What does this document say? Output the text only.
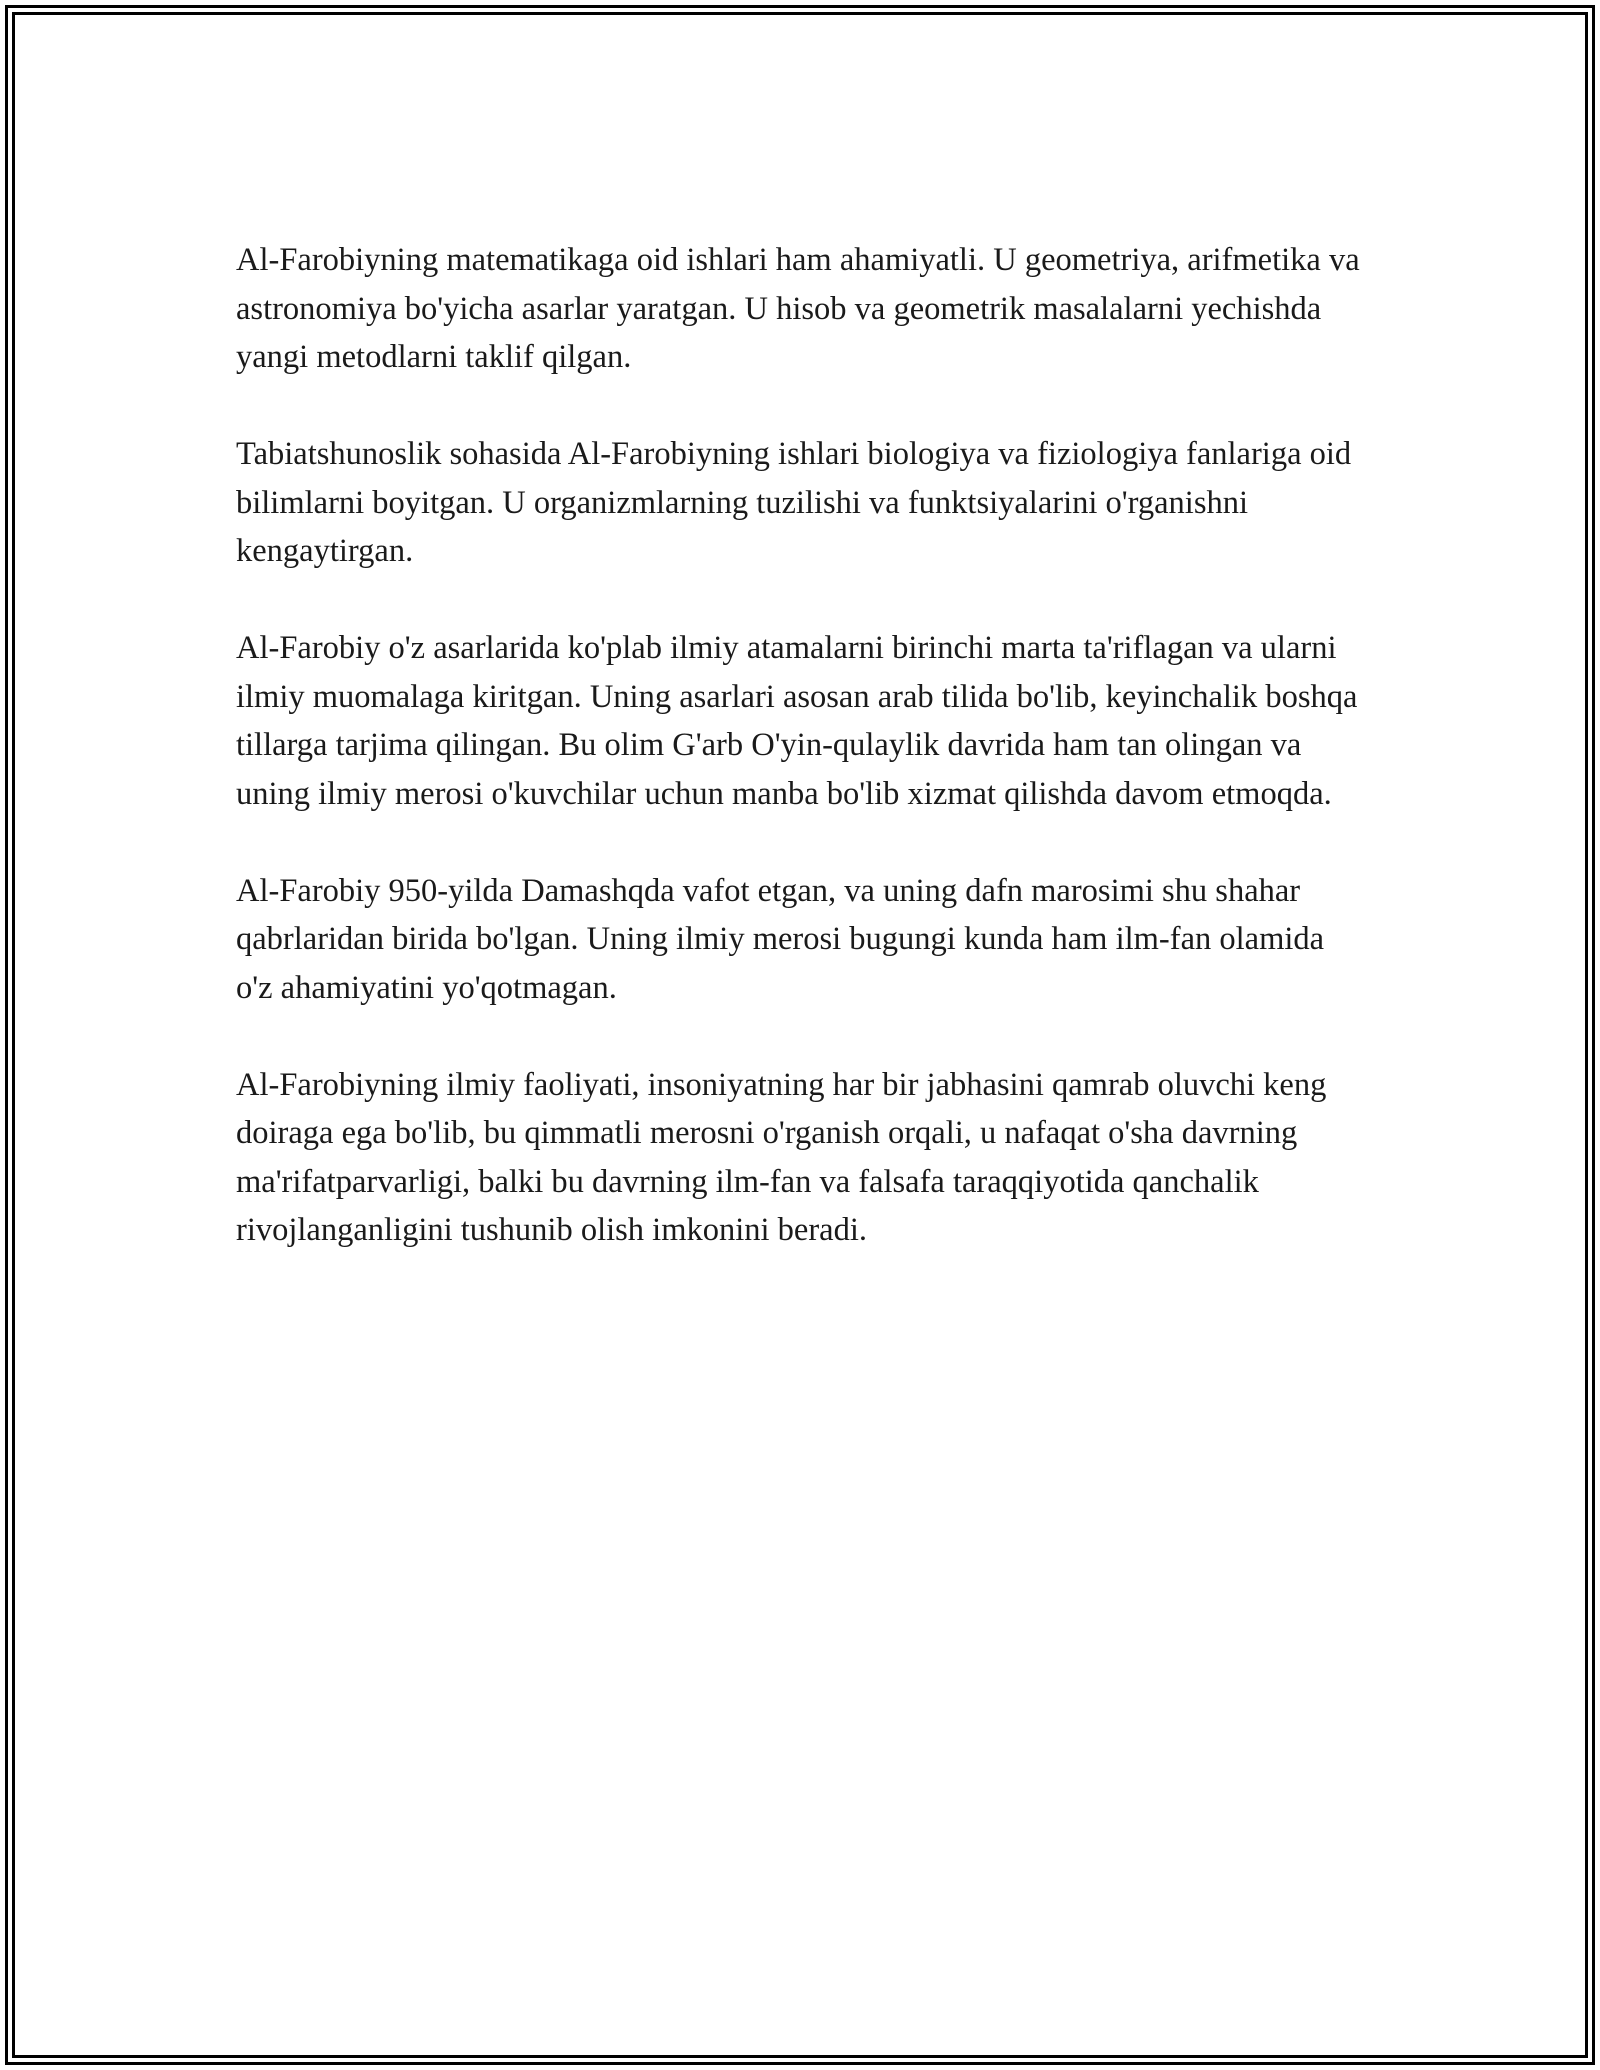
Al-Farobiyning matematikaga oid ishlari ham ahamiyatli. U geometriya, arifmetika va astronomiya bo'yicha asarlar yaratgan. U hisob va geometrik masalalarni yechishda yangi metodlarni taklif qilgan.

Tabiatshunoslik sohasida Al-Farobiyning ishlari biologiya va fiziologiya fanlariga oid bilimlarni boyitgan. U organizmlarning tuzilishi va funktsiyalarini o'rganishni kengaytirgan.

Al-Farobiy o'z asarlarida ko'plab ilmiy atamalarni birinchi marta ta'riflagan va ularni ilmiy muomalaga kiritgan. Uning asarlari asosan arab tilida bo'lib, keyinchalik boshqa tillarga tarjima qilingan. Bu olim G'arb O'yin-qulaylik davrida ham tan olingan va uning ilmiy merosi o'kuvchilar uchun manba bo'lib xizmat qilishda davom etmoqda.

Al-Farobiy 950-yilda Damashqda vafot etgan, va uning dafn marosimi shu shahar qabrlaridan birida bo'lgan. Uning ilmiy merosi bugungi kunda ham ilm-fan olamida o'z ahamiyatini yo'qotmagan.

Al-Farobiyning ilmiy faoliyati, insoniyatning har bir jabhasini qamrab oluvchi keng doiraga ega bo'lib, bu qimmatli merosni o'rganish orqali, u nafaqat o'sha davrning ma'rifatparvarligi, balki bu davrning ilm-fan va falsafa taraqqiyotida qanchalik rivojlanganligini tushunib olish imkonini beradi.
